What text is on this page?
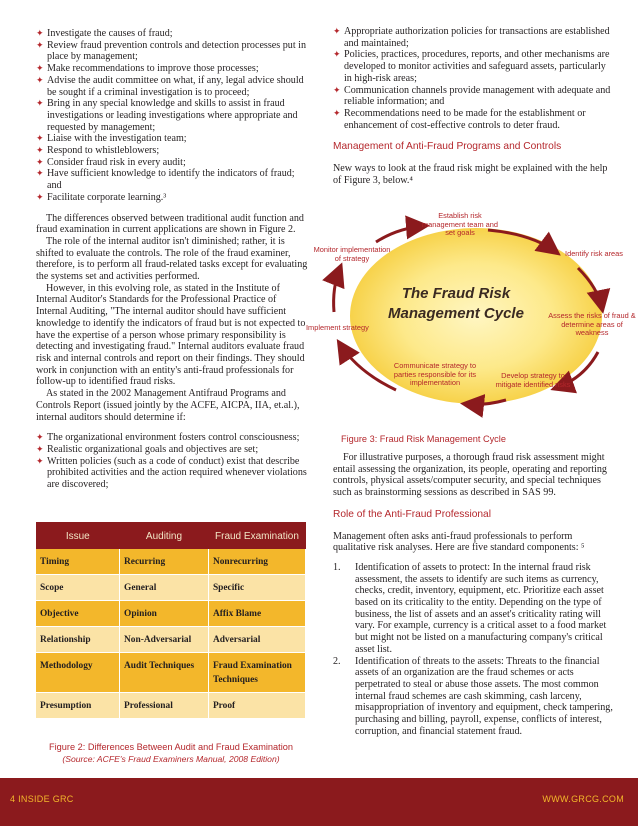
✦ Investigate the causes of fraud;
✦ Review fraud prevention controls and detection processes put in place by management;
✦ Make recommendations to improve those processes;
✦ Advise the audit committee on what, if any, legal advice should be sought if a criminal investigation is to proceed;
✦ Bring in any special knowledge and skills to assist in fraud investigations or leading investigations where appropriate and requested by management;
✦ Liaise with the investigation team;
✦ Respond to whistleblowers;
✦ Consider fraud risk in every audit;
✦ Have sufficient knowledge to identify the indicators of fraud; and
✦ Facilitate corporate learning.³

The differences observed between traditional audit function and fraud examination in current applications are shown in Figure 2.

The role of the internal auditor isn't diminished; rather, it is shifted to evaluate the controls. The role of the fraud examiner, therefore, is to perform all fraud-related tasks except for evaluating the systems set and activities performed.

However, in this evolving role, as stated in the Institute of Internal Auditor's Standards for the Professional Practice of Internal Auditing, "The internal auditor should have sufficient knowledge to identify the indicators of fraud but is not expected to have the expertise of a person whose primary responsibility is detecting and investigating fraud." Internal auditors evaluate fraud risk and internal controls and report on their findings. They should work in conjunction with an entity's anti-fraud professionals for follow-up to identified fraud risks.

As stated in the 2002 Management Antifraud Programs and Controls Report (issued jointly by the ACFE, AICPA, IIA, et.al.), internal auditors should determine if:

✦ The organizational environment fosters control consciousness;
✦ Realistic organizational goals and objectives are set;
✦ Written policies (such as a code of conduct) exist that describe prohibited activities and the action required whenever violations are discovered;
Issue	Auditing	Fraud Examination
Timing	Recurring	Nonrecurring
Scope	General	Specific
Objective	Opinion	Affix Blame
Relationship	Non-Adversarial	Adversarial
Methodology	Audit Techniques	Fraud Examination Techniques
Presumption	Professional	Proof
Figure 2: Differences Between Audit and Fraud Examination
(Source: ACFE's Fraud Examiners Manual, 2008 Edition)
✦ Appropriate authorization policies for transactions are established and maintained;
✦ Policies, practices, procedures, reports, and other mechanisms are developed to monitor activities and safeguard assets, particularly in high-risk areas;
✦ Communication channels provide management with adequate and reliable information; and
✦ Recommendations need to be made for the establishment or enhancement of cost-effective controls to deter fraud.

Management of Anti-Fraud Programs and Controls

New ways to look at the fraud risk might be explained with the help of Figure 3, below.⁴

The Fraud Risk
Management Cycle
Establish risk management team and set goals
Identify risk areas
Assess the risks of fraud & determine areas of weakness
Develop strategy to mitigate identified risks
Communicate strategy to parties responsible for its implementation
Implement strategy
Monitor implementation of strategy
Figure 3: Fraud Risk Management Cycle

For illustrative purposes, a thorough fraud risk assessment might entail assessing the organization, its people, operating and reporting controls, physical assets/computer security, and special techniques such as brainstorming sessions as described in SAS 99.

Role of the Anti-Fraud Professional

Management often asks anti-fraud professionals to perform qualitative risk analyses. Here are five standard components: ⁵

1. Identification of assets to protect: In the internal fraud risk assessment, the assets to identify are such items as currency, checks, credit, inventory, equipment, etc. Prioritize each asset based on its criticality to the entity. Depending on the type of business, the list of assets and an asset's criticality rating will vary. For example, currency is a critical asset to a food market but might not be listed on a manufacturing company's critical asset list.
2. Identification of threats to the assets: Threats to the financial assets of an organization are the fraud schemes or acts perpetrated to steal or abuse those assets. The most common internal fraud schemes are cash skimming, cash larceny, misappropriation of inventory and equipment, check tampering, purchasing and billing, payroll, expense, conflicts of interest, corruption, and financial statement fraud.
4 INSIDE GRC	WWW.GRCG.COM
